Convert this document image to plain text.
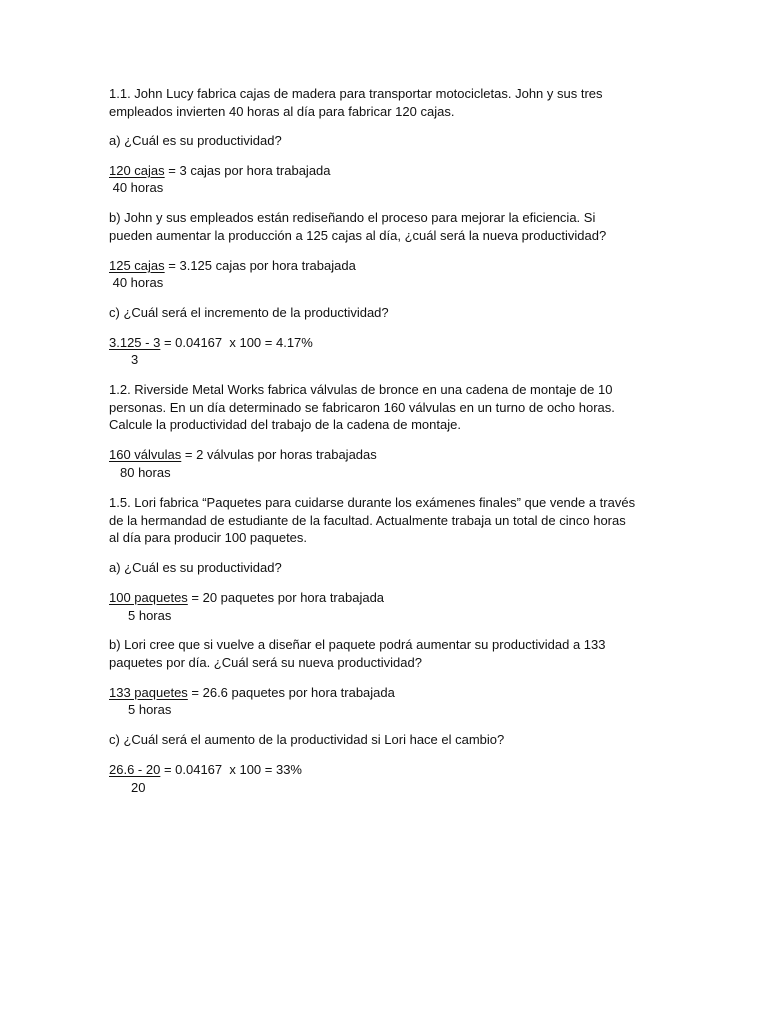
1.1. John Lucy fabrica cajas de madera para transportar motocicletas. John y sus tres
empleados invierten 40 horas al día para fabricar 120 cajas.
a) ¿Cuál es su productividad?
120 cajas = 3 cajas por hora trabajada
40 horas
b) John y sus empleados están rediseñando el proceso para mejorar la eficiencia. Si
pueden aumentar la producción a 125 cajas al día, ¿cuál será la nueva productividad?
125 cajas = 3.125 cajas por hora trabajada
40 horas
c) ¿Cuál será el incremento de la productividad?
3.125 - 3 = 0.04167  x 100 = 4.17%
3
1.2. Riverside Metal Works fabrica válvulas de bronce en una cadena de montaje de 10
personas. En un día determinado se fabricaron 160 válvulas en un turno de ocho horas.
Calcule la productividad del trabajo de la cadena de montaje.
160 válvulas = 2 válvulas por horas trabajadas
80 horas
1.5. Lori fabrica “Paquetes para cuidarse durante los exámenes finales” que vende a través
de la hermandad de estudiante de la facultad. Actualmente trabaja un total de cinco horas
al día para producir 100 paquetes.
a) ¿Cuál es su productividad?
100 paquetes = 20 paquetes por hora trabajada
5 horas
b) Lori cree que si vuelve a diseñar el paquete podrá aumentar su productividad a 133
paquetes por día. ¿Cuál será su nueva productividad?
133 paquetes = 26.6 paquetes por hora trabajada
5 horas
c) ¿Cuál será el aumento de la productividad si Lori hace el cambio?
26.6 - 20 = 0.04167  x 100 = 33%
20
